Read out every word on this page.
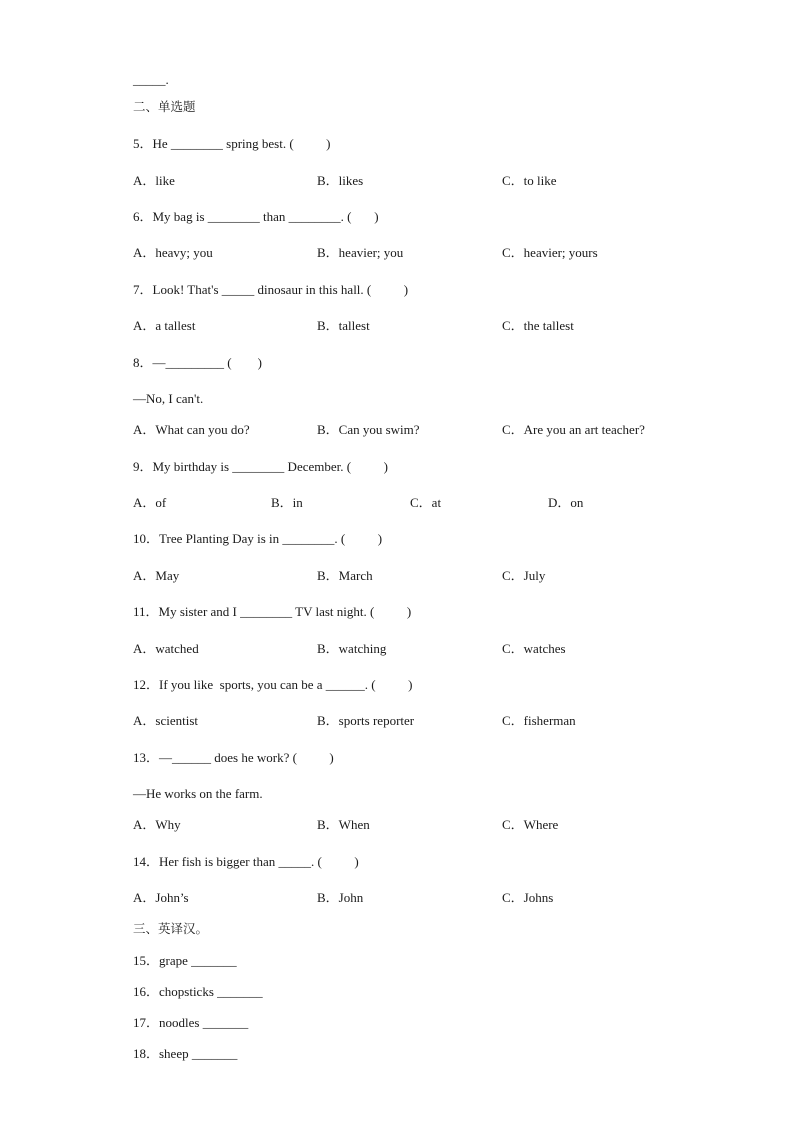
_____.
二、单选题
5．He ________ spring best. (          )
A．like	B．likes	C．to like
6．My bag is ________ than ________. (       )
A．heavy; you	B．heavier; you	C．heavier; yours
7．Look! That's _____ dinosaur in this hall. (          )
A．a tallest	B．tallest	C．the tallest
8．—_________ (        )
—No, I can't.
A．What can you do?	B．Can you swim?	C．Are you an art teacher?
9．My birthday is ________ December. (          )
A．of	B．in	C．at	D．on
10．Tree Planting Day is in ________. (          )
A．May	B．March	C．July
11．My sister and I ________ TV last night. (          )
A．watched	B．watching	C．watches
12．If you like  sports, you can be a ______. (          )
A．scientist	B．sports reporter	C．fisherman
13．—______ does he work? (          )
—He works on the farm.
A．Why	B．When	C．Where
14．Her fish is bigger than _____. (          )
A．John’s	B．John	C．Johns
三、英译汉。
15．grape _______
16．chopsticks _______
17．noodles _______
18．sheep _______
